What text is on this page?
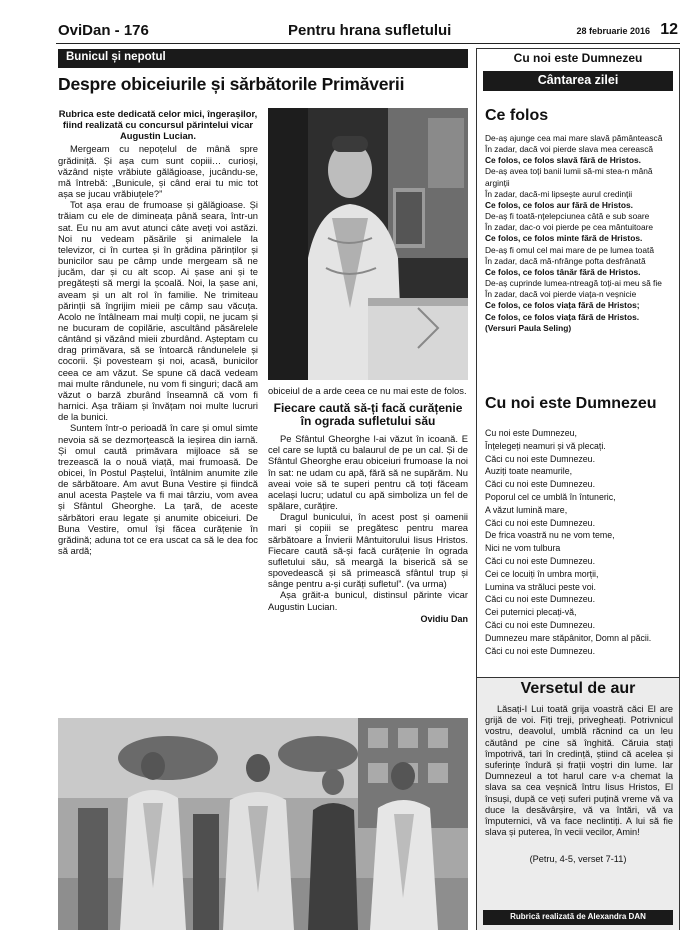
OviDan - 176	Pentru hrana sufletului	28 februarie 2016 12
Bunicul și nepotul
Despre obiceiurile și sărbătorile Primăverii

Rubrica este dedicată celor mici, îngerașilor, fiind realizată cu concursul părintelui vicar Augustin Lucian.

Mergeam cu nepoțelul de mână spre grădiniță. Și așa cum sunt copiii… curioși, văzând niște vrăbiute gălăgioase, jucându-se, mă întrebă: „Bunicule, și când erai tu mic tot așa se jucau vrăbiuțele?”

Tot așa erau de frumoase și gălăgioase. Și trăiam cu ele de dimineața până seara, într-un sat. Eu nu am avut atunci câte aveți voi astăzi. Noi nu vedeam păsările și animalele la televizor, ci în curtea și în grădina părinților și bunicilor sau pe câmp unde mergeam să ne jucăm, dar și cu alt scop. Ai șase ani și te pregătești să mergi la școală. Noi, la șase ani, aveam și un alt rol în familie. Ne trimiteau părinții să îngrijim mieii pe câmp sau văcuța. Acolo ne întâlneam mai mulți copii, ne jucam și ne bucuram de copilărie, ascultând păsărelele cântând și văzând mieii zburdând. Așteptam cu drag primăvara, să se întoarcă rândunelele și cocorii. Și povesteam și noi, acasă, bunicilor ceea ce am văzut. Se spune că dacă vedeam mai multe rândunele, nu vom fi singuri; dacă am văzut o barză zburând înseamnă că vom fi harnici. Așa trăiam și învățam noi multe lucruri de la bunici.

Suntem într-o perioadă în care și omul simte nevoia să se dezmorțească la ieșirea din iarnă. Și omul caută primăvara mijloace să se trezească la o nouă viață, mai frumoasă. De obicei, în Postul Paștelui, întâlnim anumite zile de sărbătoare. Am avut Buna Vestire și fiindcă anul acesta Paștele va fi mai târziu, vom avea și Sfântul Gheorghe. La țară, de aceste sărbători erau legate și anumite obiceiuri. De Buna Vestire, omul își făcea curățenie în grădină; aduna tot ce era uscat ca să le dea foc să ardă;

obiceiul de a arde ceea ce nu mai este de folos.

Fiecare caută să-ți facă curățenie în ograda sufletului său

Pe Sfântul Gheorghe l-ai văzut în icoană. E cel care se luptă cu balaurul de pe un cal. Și de Sfântul Gheorghe erau obiceiuri frumoase la noi în sat: ne udam cu apă, fără să ne supărăm. Nu aveai voie să te superi pentru că toți făceam același lucru; udatul cu apă simboliza un fel de spălare, curățire.

Dragul bunicului, în acest post și oamenii mari și copiii se pregătesc pentru marea sărbătoare a Învierii Mântuitorului Iisus Hristos. Fiecare caută să-și facă curățenie în ograda sufletului său, să meargă la biserică să se spovedească și să primească sfântul trup și sânge pentru a-și curăți sufletul”. (va urma)

Așa grăit-a bunicul, distinsul părinte vicar Augustin Lucian.

Ovidiu Dan

Cu noi este Dumnezeu
Cântarea zilei
Ce folos
De-aș ajunge cea mai mare slavă pământească
În zadar, dacă voi pierde slava mea cerească
Ce folos, ce folos slavă fără de Hristos.
De-aș avea toți banii lumii să-mi stea-n mână arginții
În zadar, dacă-mi lipsește aurul credinții
Ce folos, ce folos aur fără de Hristos.
De-aș fi toată-nțelepciunea câtă e sub soare
În zadar, dac-o voi pierde pe cea mântuitoare
Ce folos, ce folos minte fără de Hristos.
De-aș fi omul cel mai mare de pe lumea toată
În zadar, dacă mă-nfrânge pofta desfrânată
Ce folos, ce folos tânăr fără de Hristos.
De-aș cuprinde lumea-ntreagă toți-ai meu să fie
În zadar, dacă voi pierde viața-n veșnicie
Ce folos, ce folos viața fără de Hristos;
Ce folos, ce folos viața fără de Hristos.
(Versuri Paula Seling)
Cu noi este Dumnezeu
Cu noi este Dumnezeu,
Înțelegeți neamuri și vă plecați.
Căci cu noi este Dumnezeu.
Auziți toate neamurile,
Căci cu noi este Dumnezeu.
Poporul cel ce umblă în întuneric,
A văzut lumină mare,
Căci cu noi este Dumnezeu.
De frica voastră nu ne vom teme,
Nici ne vom tulbura
Căci cu noi este Dumnezeu.
Cei ce locuiți în umbra morții,
Lumina va străluci peste voi.
Căci cu noi este Dumnezeu.
Cei puternici plecați-vă,
Căci cu noi este Dumnezeu.
Dumnezeu mare stăpânitor, Domn al păcii.
Căci cu noi este Dumnezeu.
Versetul de aur
Lăsați-I Lui toată grija voastră căci El are grijă de voi. Fiți treji, privegheați. Potrivnicul vostru, deavolul, umblă răcnind ca un leu căutând pe cine să înghită. Căruia stați împotrivă, tari în credință, știind că acelea și suferințe îndură și frații voștri din lume. Iar Dumnezeul a tot harul care v-a chemat la slava sa cea veșnică întru Iisus Hristos, El însuși, după ce veți suferi puțină vreme vă va duce la desăvârșire, vă va întări, vă va împuternici, vă va face neclintiți. A lui să fie slava și puterea, în vecii vecilor, Amin!
(Petru, 4-5, verset 7-11)
Rubrică realizată de Alexandra DAN
